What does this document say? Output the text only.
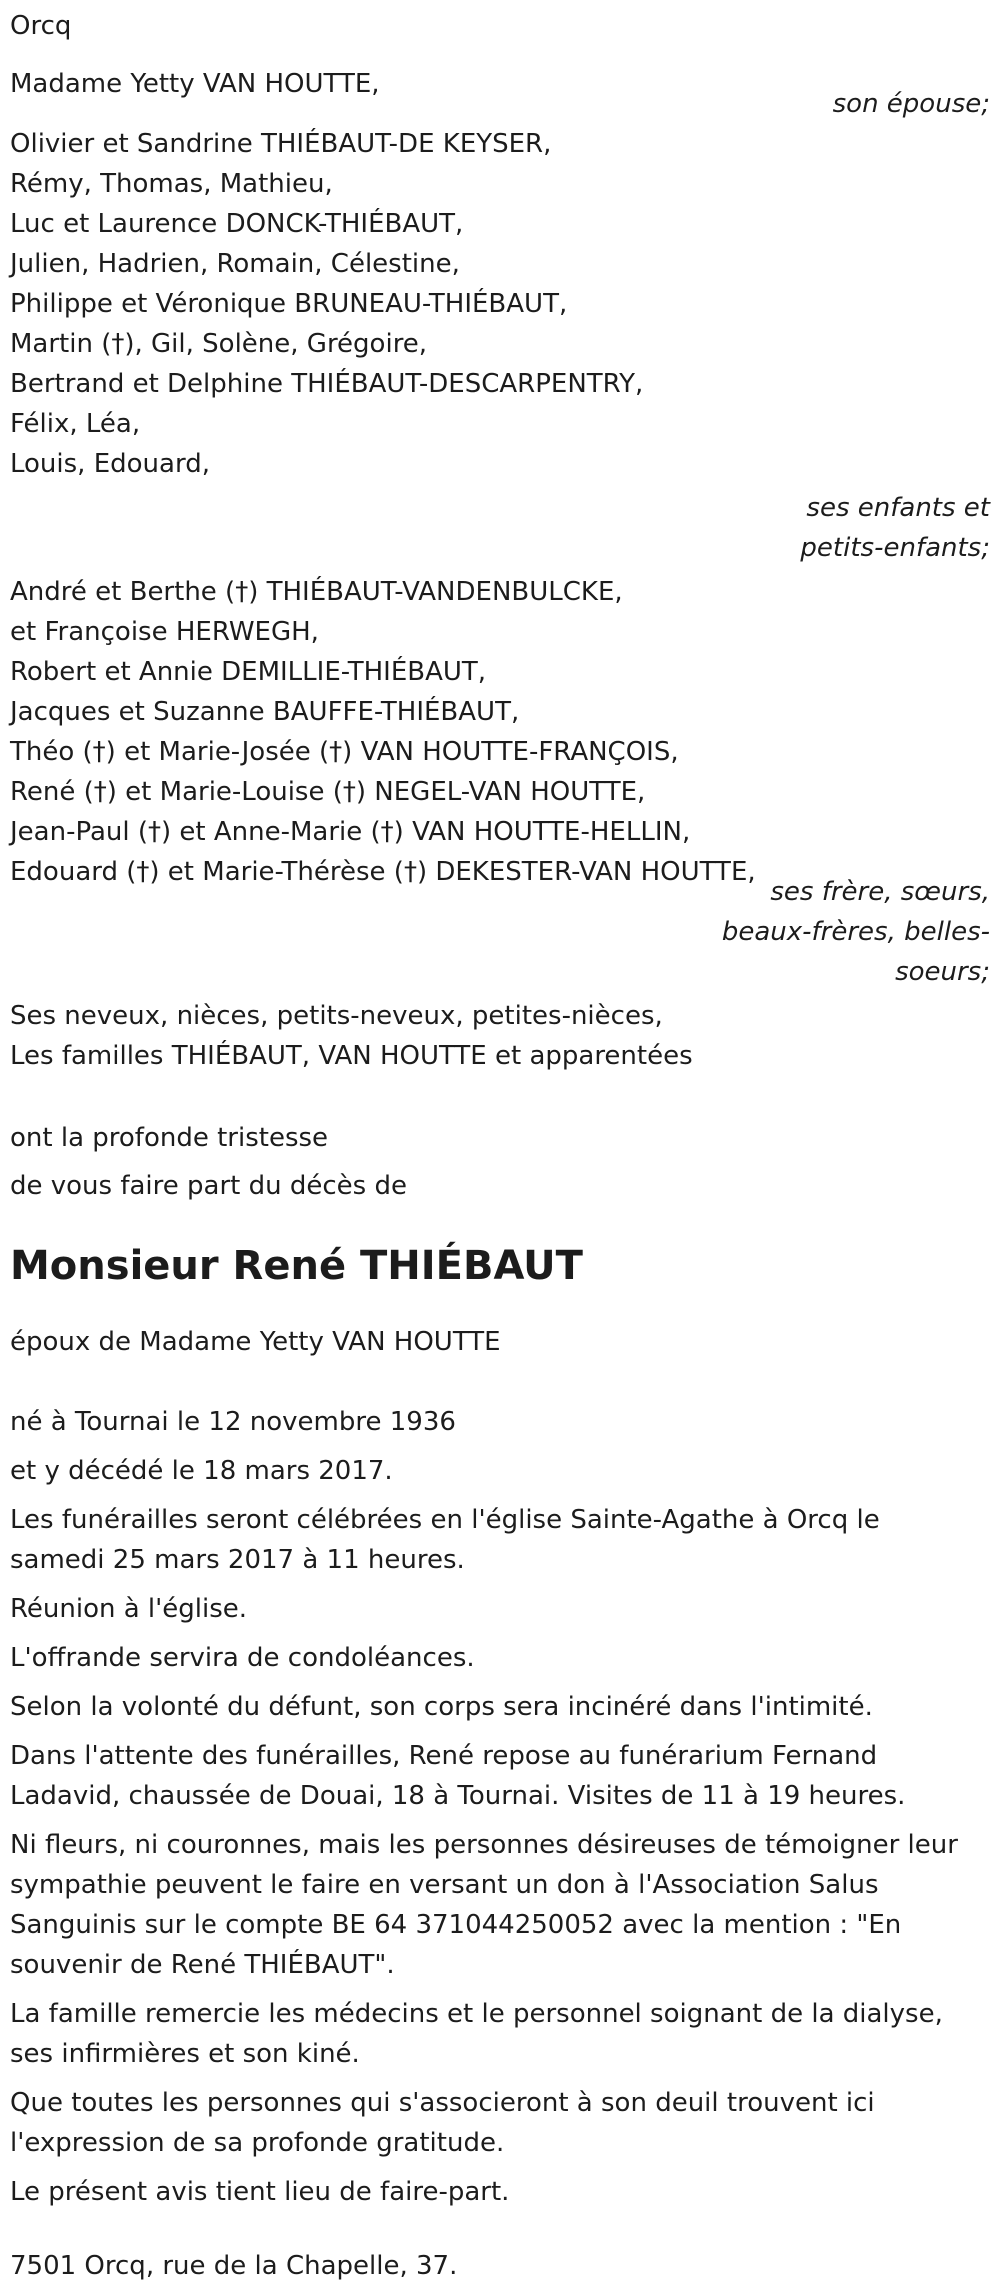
Orcq
Madame Yetty VAN HOUTTE,
son épouse;
Olivier et Sandrine THIÉBAUT-DE KEYSER,
Rémy, Thomas, Mathieu,
Luc et Laurence DONCK-THIÉBAUT,
Julien, Hadrien, Romain, Célestine,
Philippe et Véronique BRUNEAU-THIÉBAUT,
Martin (†), Gil, Solène, Grégoire,
Bertrand et Delphine THIÉBAUT-DESCARPENTRY,
Félix, Léa,
Louis, Edouard,
ses enfants et
petits-enfants;
André et Berthe (†) THIÉBAUT-VANDENBULCKE,
et Françoise HERWEGH,
Robert et Annie DEMILLIE-THIÉBAUT,
Jacques et Suzanne BAUFFE-THIÉBAUT,
Théo (†) et Marie-Josée (†) VAN HOUTTE-FRANÇOIS,
René (†) et Marie-Louise (†) NEGEL-VAN HOUTTE,
Jean-Paul (†) et Anne-Marie (†) VAN HOUTTE-HELLIN,
Edouard (†) et Marie-Thérèse (†) DEKESTER-VAN HOUTTE,
ses frère, sœurs,
beaux-frères, belles-
soeurs;
Ses neveux, nièces, petits-neveux, petites-nièces,
Les familles THIÉBAUT, VAN HOUTTE et apparentées
ont la profonde tristesse
de vous faire part du décès de
Monsieur René THIÉBAUT
époux de Madame Yetty VAN HOUTTE
né à Tournai le 12 novembre 1936
et y décédé le 18 mars 2017.
Les funérailles seront célébrées en l'église Sainte-Agathe à Orcq le
samedi 25 mars 2017 à 11 heures.
Réunion à l'église.
L'offrande servira de condoléances.
Selon la volonté du défunt, son corps sera incinéré dans l'intimité.
Dans l'attente des funérailles, René repose au funérarium Fernand
Ladavid, chaussée de Douai, 18 à Tournai. Visites de 11 à 19 heures.
Ni fleurs, ni couronnes, mais les personnes désireuses de témoigner leur
sympathie peuvent le faire en versant un don à l'Association Salus
Sanguinis sur le compte BE 64 371044250052 avec la mention : "En
souvenir de René THIÉBAUT".
La famille remercie les médecins et le personnel soignant de la dialyse,
ses infirmières et son kiné.
Que toutes les personnes qui s'associeront à son deuil trouvent ici
l'expression de sa profonde gratitude.
Le présent avis tient lieu de faire-part.
7501 Orcq, rue de la Chapelle, 37.
